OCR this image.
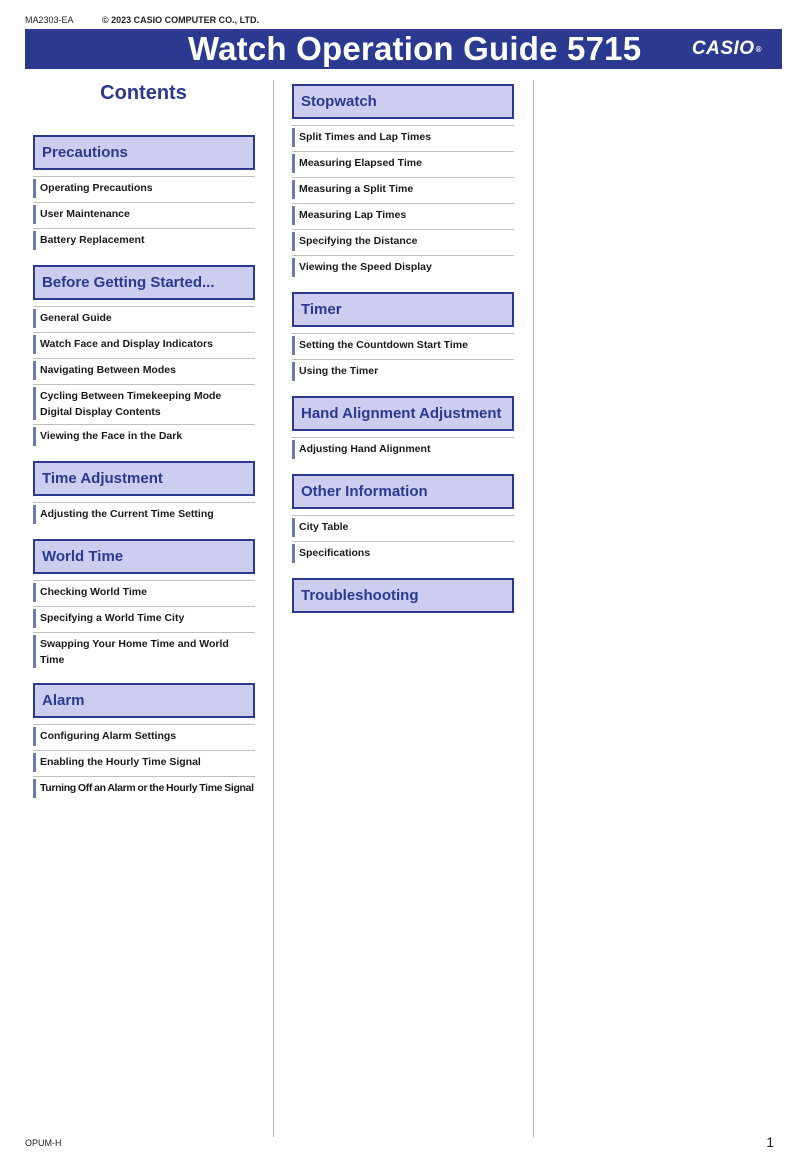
MA2303-EA	© 2023 CASIO COMPUTER CO., LTD.
Watch Operation Guide 5715	CASIO®
Contents
Precautions
Operating Precautions
User Maintenance
Battery Replacement
Before Getting Started...
General Guide
Watch Face and Display Indicators
Navigating Between Modes
Cycling Between Timekeeping Mode Digital Display Contents
Viewing the Face in the Dark
Time Adjustment
Adjusting the Current Time Setting
World Time
Checking World Time
Specifying a World Time City
Swapping Your Home Time and World Time
Alarm
Configuring Alarm Settings
Enabling the Hourly Time Signal
Turning Off an Alarm or the Hourly Time Signal
Stopwatch
Split Times and Lap Times
Measuring Elapsed Time
Measuring a Split Time
Measuring Lap Times
Specifying the Distance
Viewing the Speed Display
Timer
Setting the Countdown Start Time
Using the Timer
Hand Alignment Adjustment
Adjusting Hand Alignment
Other Information
City Table
Specifications
Troubleshooting
OPUM-H	1
